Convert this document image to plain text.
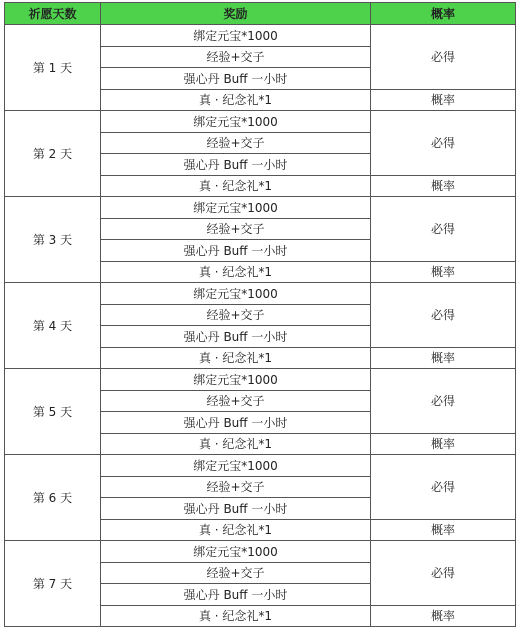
祈愿天数	奖励	概率
第 1 天	绑定元宝*1000	必得
	经验+交子	
	强心丹 Buff 一小时	
	真 · 纪念礼*1	概率
第 2 天	绑定元宝*1000	必得
	经验+交子	
	强心丹 Buff 一小时	
	真 · 纪念礼*1	概率
第 3 天	绑定元宝*1000	必得
	经验+交子	
	强心丹 Buff 一小时	
	真 · 纪念礼*1	概率
第 4 天	绑定元宝*1000	必得
	经验+交子	
	强心丹 Buff 一小时	
	真 · 纪念礼*1	概率
第 5 天	绑定元宝*1000	必得
	经验+交子	
	强心丹 Buff 一小时	
	真 · 纪念礼*1	概率
第 6 天	绑定元宝*1000	必得
	经验+交子	
	强心丹 Buff 一小时	
	真 · 纪念礼*1	概率
第 7 天	绑定元宝*1000	必得
	经验+交子	
	强心丹 Buff 一小时	
	真 · 纪念礼*1	概率
